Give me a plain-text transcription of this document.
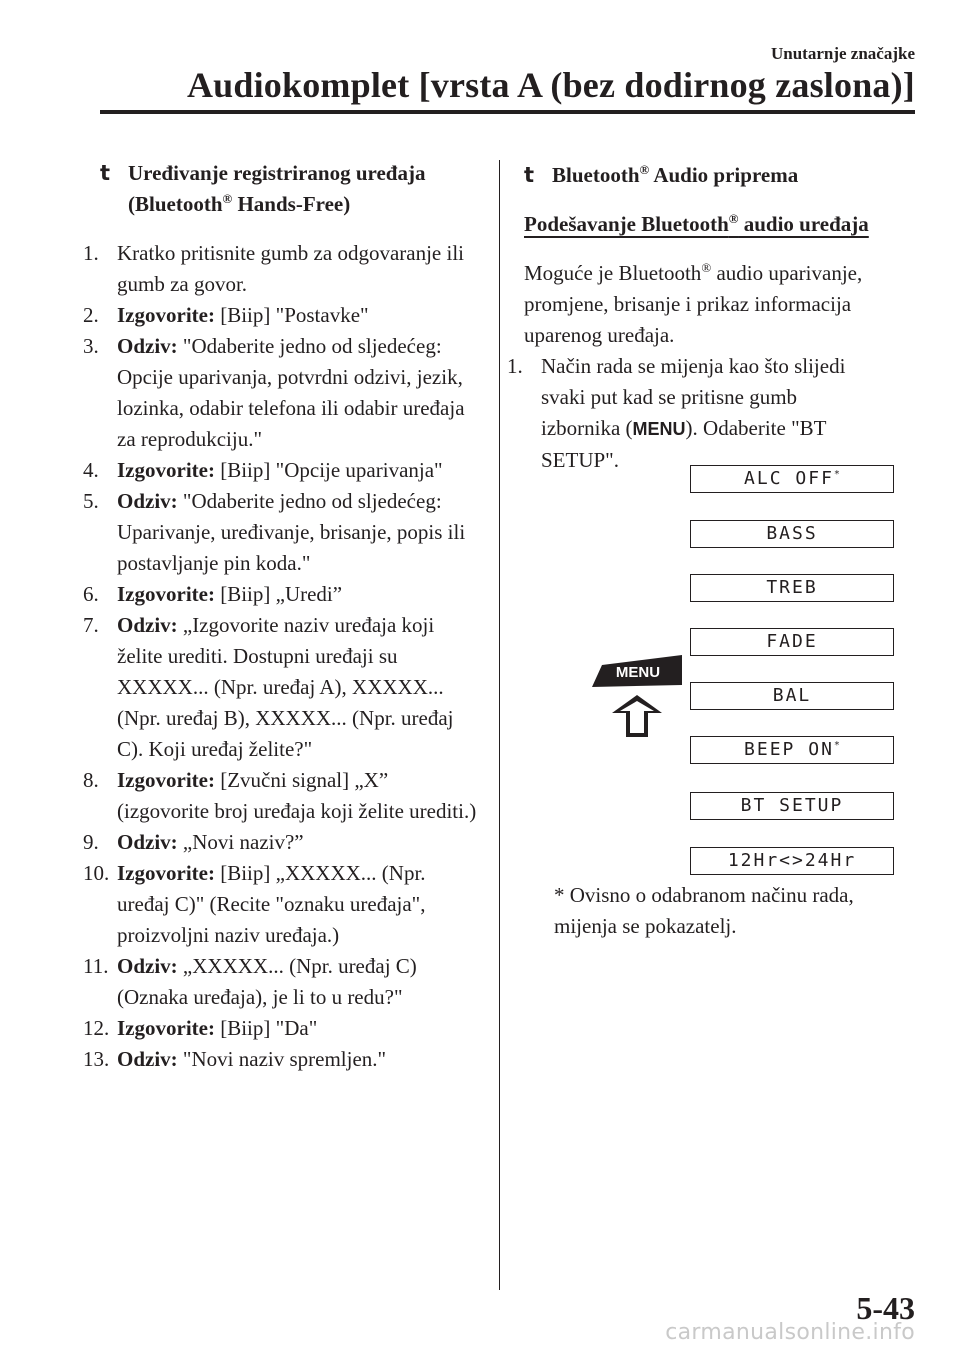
Unutarnje značajke
Audiokomplet [vrsta A (bez dodirnog zaslona)]
t Uređivanje registriranog uređaja
(Bluetooth® Hands-Free)
1. Kratko pritisnite gumb za odgovaranje ili gumb za govor.
2. Izgovorite: [Biip] "Postavke"
3. Odziv: "Odaberite jedno od sljedećeg: Opcije uparivanja, potvrdni odzivi, jezik, lozinka, odabir telefona ili odabir uređaja za reprodukciju."
4. Izgovorite: [Biip] "Opcije uparivanja"
5. Odziv: "Odaberite jedno od sljedećeg: Uparivanje, uređivanje, brisanje, popis ili postavljanje pin koda."
6. Izgovorite: [Biip] „Uredi”
7. Odziv: „Izgovorite naziv uređaja koji želite urediti. Dostupni uređaji su XXXXX... (Npr. uređaj A), XXXXX... (Npr. uređaj B), XXXXX... (Npr. uređaj C). Koji uređaj želite?"
8. Izgovorite: [Zvučni signal] „X” (izgovorite broj uređaja koji želite urediti.)
9. Odziv: „Novi naziv?”
10. Izgovorite: [Biip] „XXXXX... (Npr. uređaj C)" (Recite "oznaku uređaja", proizvoljni naziv uređaja.)
11. Odziv: „XXXXX... (Npr. uređaj C) (Oznaka uređaja), je li to u redu?"
12. Izgovorite: [Biip] "Da"
13. Odziv: "Novi naziv spremljen."
t Bluetooth® Audio priprema
Podešavanje Bluetooth® audio uređaja
Moguće je Bluetooth® audio uparivanje, promjene, brisanje i prikaz informacija uparenog uređaja.
1. Način rada se mijenja kao što slijedi svaki put kad se pritisne gumb izbornika (MENU). Odaberite "BT SETUP".
ALC OFF*
BASS
TREB
FADE
BAL
BEEP ON*
BT SETUP
12Hr<>24Hr
MENU
* Ovisno o odabranom načinu rada, mijenja se pokazatelj.
5-43
carmanualsonline.info
